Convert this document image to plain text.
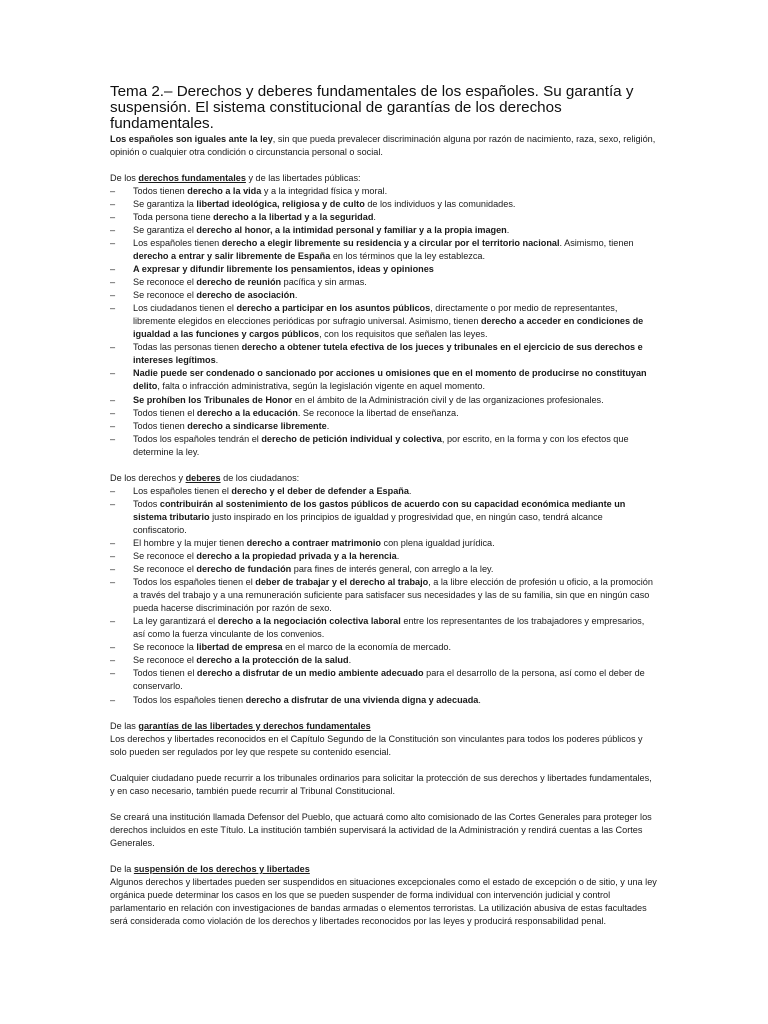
Tema 2.– Derechos y deberes fundamentales de los españoles. Su garantía y suspensión. El sistema constitucional de garantías de los derechos fundamentales.

Los españoles son iguales ante la ley, sin que pueda prevalecer discriminación alguna por razón de nacimiento, raza, sexo, religión, opinión o cualquier otra condición o circunstancia personal o social.

De los derechos fundamentales y de las libertades públicas:

– Todos tienen derecho a la vida y a la integridad física y moral.
– Se garantiza la libertad ideológica, religiosa y de culto de los individuos y las comunidades.
– Toda persona tiene derecho a la libertad y a la seguridad.
– Se garantiza el derecho al honor, a la intimidad personal y familiar y a la propia imagen.
– Los españoles tienen derecho a elegir libremente su residencia y a circular por el territorio nacional. Asimismo, tienen derecho a entrar y salir libremente de España en los términos que la ley establezca.
– A expresar y difundir libremente los pensamientos, ideas y opiniones
– Se reconoce el derecho de reunión pacífica y sin armas.
– Se reconoce el derecho de asociación.
– Los ciudadanos tienen el derecho a participar en los asuntos públicos, directamente o por medio de representantes, libremente elegidos en elecciones periódicas por sufragio universal. Asimismo, tienen derecho a acceder en condiciones de igualdad a las funciones y cargos públicos, con los requisitos que señalen las leyes.
– Todas las personas tienen derecho a obtener tutela efectiva de los jueces y tribunales en el ejercicio de sus derechos e intereses legítimos.
– Nadie puede ser condenado o sancionado por acciones u omisiones que en el momento de producirse no constituyan delito, falta o infracción administrativa, según la legislación vigente en aquel momento.
– Se prohíben los Tribunales de Honor en el ámbito de la Administración civil y de las organizaciones profesionales.
– Todos tienen el derecho a la educación. Se reconoce la libertad de enseñanza.
– Todos tienen derecho a sindicarse libremente.
– Todos los españoles tendrán el derecho de petición individual y colectiva, por escrito, en la forma y con los efectos que determine la ley.

De los derechos y deberes de los ciudadanos:

– Los españoles tienen el derecho y el deber de defender a España.
– Todos contribuirán al sostenimiento de los gastos públicos de acuerdo con su capacidad económica mediante un sistema tributario justo inspirado en los principios de igualdad y progresividad que, en ningún caso, tendrá alcance confiscatorio.
– El hombre y la mujer tienen derecho a contraer matrimonio con plena igualdad jurídica.
– Se reconoce el derecho a la propiedad privada y a la herencia.
– Se reconoce el derecho de fundación para fines de interés general, con arreglo a la ley.
– Todos los españoles tienen el deber de trabajar y el derecho al trabajo, a la libre elección de profesión u oficio, a la promoción a través del trabajo y a una remuneración suficiente para satisfacer sus necesidades y las de su familia, sin que en ningún caso pueda hacerse discriminación por razón de sexo.
– La ley garantizará el derecho a la negociación colectiva laboral entre los representantes de los trabajadores y empresarios, así como la fuerza vinculante de los convenios.
– Se reconoce la libertad de empresa en el marco de la economía de mercado.
– Se reconoce el derecho a la protección de la salud.
– Todos tienen el derecho a disfrutar de un medio ambiente adecuado para el desarrollo de la persona, así como el deber de conservarlo.
– Todos los españoles tienen derecho a disfrutar de una vivienda digna y adecuada.

De las garantías de las libertades y derechos fundamentales

Los derechos y libertades reconocidos en el Capítulo Segundo de la Constitución son vinculantes para todos los poderes públicos y solo pueden ser regulados por ley que respete su contenido esencial.

Cualquier ciudadano puede recurrir a los tribunales ordinarios para solicitar la protección de sus derechos y libertades fundamentales, y en caso necesario, también puede recurrir al Tribunal Constitucional.

Se creará una institución llamada Defensor del Pueblo, que actuará como alto comisionado de las Cortes Generales para proteger los derechos incluidos en este Título. La institución también supervisará la actividad de la Administración y rendirá cuentas a las Cortes Generales.

De la suspensión de los derechos y libertades

Algunos derechos y libertades pueden ser suspendidos en situaciones excepcionales como el estado de excepción o de sitio, y una ley orgánica puede determinar los casos en los que se pueden suspender de forma individual con intervención judicial y control parlamentario en relación con investigaciones de bandas armadas o elementos terroristas. La utilización abusiva de estas facultades será considerada como violación de los derechos y libertades reconocidos por las leyes y producirá responsabilidad penal.
